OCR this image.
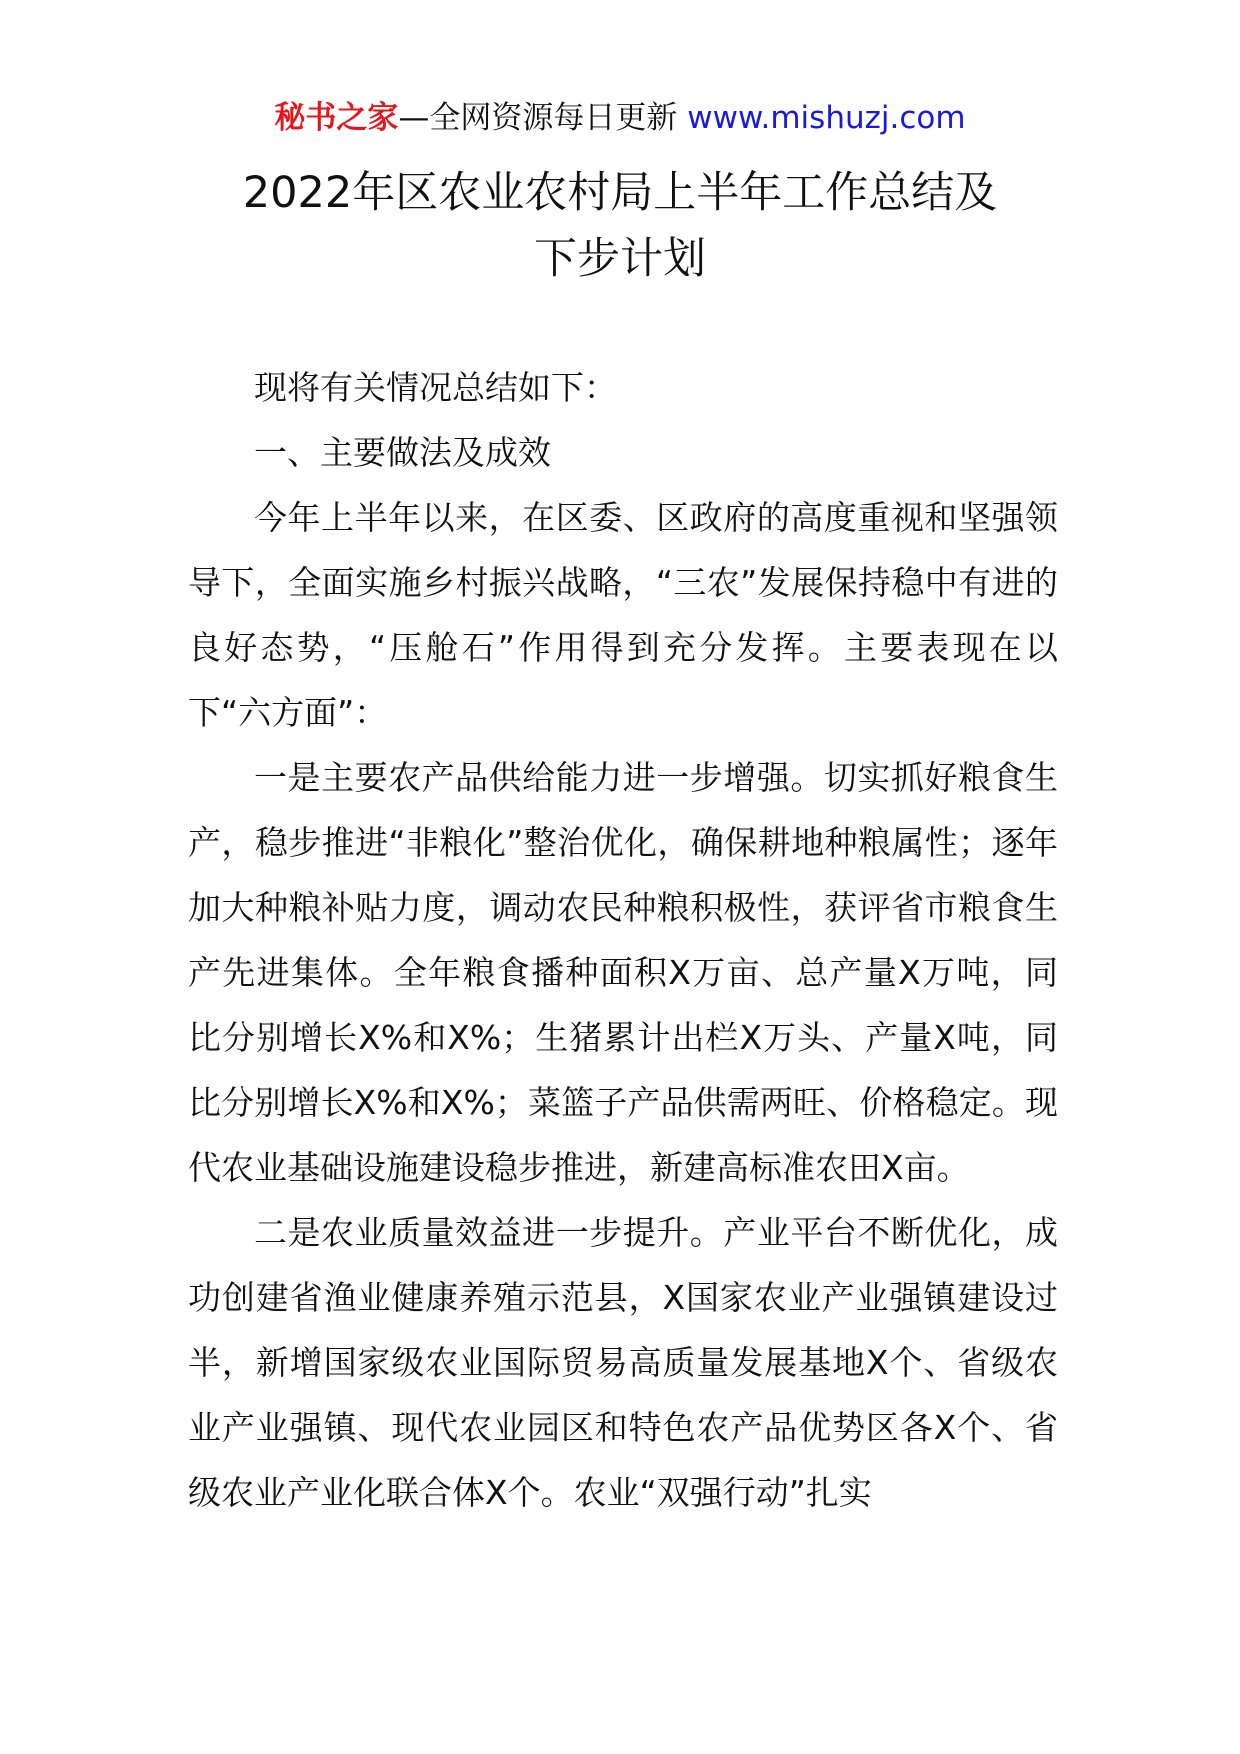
秘书之家—全网资源每日更新 www.mishuzj.com
2022年区农业农村局上半年工作总结及
下步计划

现将有关情况总结如下：

一、主要做法及成效

今年上半年以来，在区委、区政府的高度重视和坚强领导下，全面实施乡村振兴战略，“三农”发展保持稳中有进的良好态势，“压舱石”作用得到充分发挥。主要表现在以下“六方面”：

一是主要农产品供给能力进一步增强。切实抓好粮食生产，稳步推进“非粮化”整治优化，确保耕地种粮属性；逐年加大种粮补贴力度，调动农民种粮积极性，获评省市粮食生产先进集体。全年粮食播种面积X万亩、总产量X万吨，同比分别增长X%和X%；生猪累计出栏X万头、产量X吨，同比分别增长X%和X%；菜篮子产品供需两旺、价格稳定。现代农业基础设施建设稳步推进，新建高标准农田X亩。

二是农业质量效益进一步提升。产业平台不断优化，成功创建省渔业健康养殖示范县，X国家农业产业强镇建设过半，新增国家级农业国际贸易高质量发展基地X个、省级农业产业强镇、现代农业园区和特色农产品优势区各X个、省级农业产业化联合体X个。农业“双强行动”扎实
